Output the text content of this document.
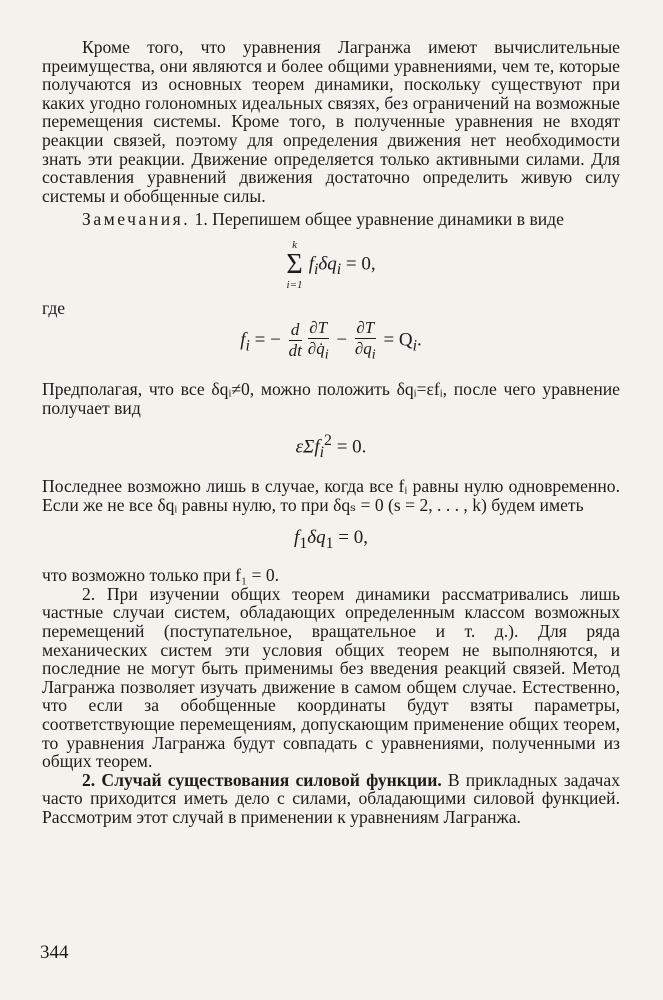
Кроме того, что уравнения Лагранжа имеют вычислительные преимущества, они являются и более общими уравнениями, чем те, которые получаются из основных теорем динамики, поскольку существуют при каких угодно голономных идеальных связях, без ограничений на возможные перемещения системы. Кроме того, в полученные уравнения не входят реакции связей, поэтому для определения движения нет необходимости знать эти реакции. Движение определяется только активными силами. Для составления уравнений движения достаточно определить живую силу системы и обобщенные силы.

Замечания. 1. Перепишем общее уравнение динамики в виде

k
Σ
i=1
$f_i\delta q_i = 0$,

где

$f_i$ = − $\frac{d}{dt} \frac{\partial T}{\partial q̇_i} - \frac{\partial T}{\partial q_i} = Q_i$.

Предполагая, что все δqᵢ≠0, можно положить δqᵢ=εfᵢ, после чего уравнение получает вид

εΣf$_i^2$ = 0.

Последнее возможно лишь в случае, когда все fᵢ равны нулю одновременно. Если же не все δqᵢ равны нулю, то при δqₛ = 0 (s = 2, . . . , k) будем иметь

$f_1\delta q_1 = 0$,

что возможно только при f₁ = 0.

2. При изучении общих теорем динамики рассматривались лишь частные случаи систем, обладающих определенным классом возможных перемещений (поступательное, вращательное и т. д.). Для ряда механических систем эти условия общих теорем не выполняются, и последние не могут быть применимы без введения реакций связей. Метод Лагранжа позволяет изучать движение в самом общем случае. Естественно, что если за обобщенные координаты будут взяты параметры, соответствующие перемещениям, допускающим применение общих теорем, то уравнения Лагранжа будут совпадать с уравнениями, полученными из общих теорем.

2. Случай существования силовой функции. В прикладных задачах часто приходится иметь дело с силами, обладающими силовой функцией. Рассмотрим этот случай в применении к уравнениям Лагранжа.

344
